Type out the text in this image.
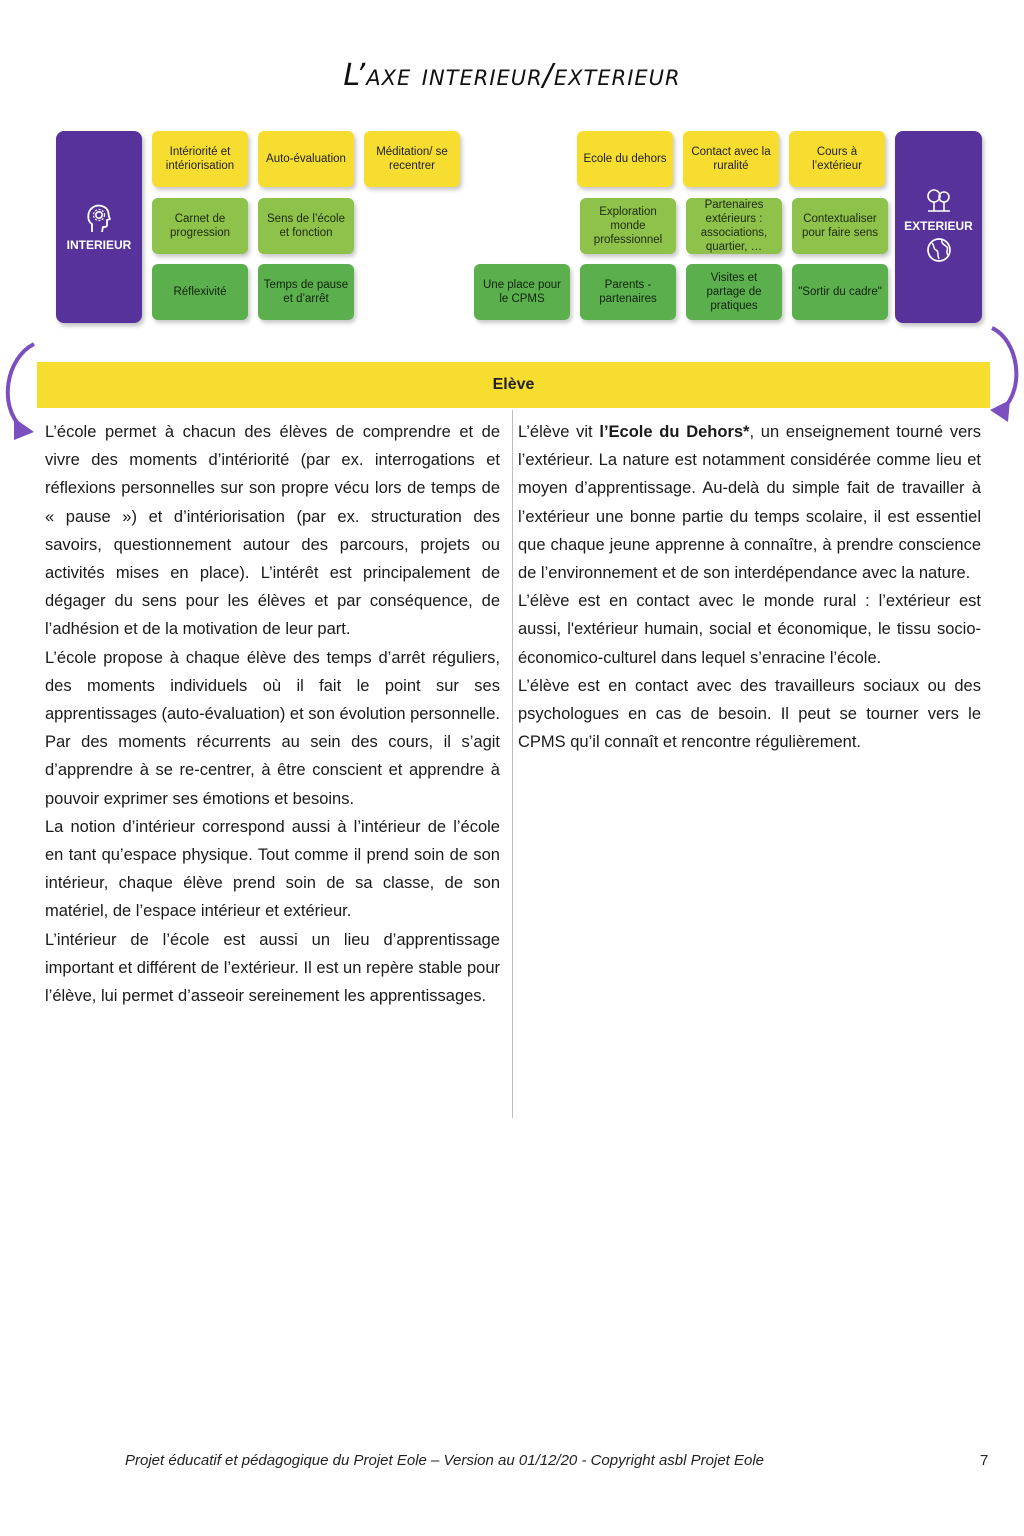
L’axe interieur/exterieur
INTERIEUR
Intériorité et intériorisation
Auto-évaluation
Méditation/ se recentrer
Carnet de progression
Sens de l’école et fonction
Réflexivité
Temps de pause et d’arrêt
Ecole du dehors
Contact avec la ruralité
Cours à l’extérieur
Exploration monde professionnel
Partenaires extérieurs : associations, quartier, …
Contextualiser pour faire sens
Une place pour le CPMS
Parents - partenaires
Visites et partage de pratiques
"Sortir du cadre"
EXTERIEUR
Elève

L’école permet à chacun des élèves de comprendre et de vivre des moments d’intériorité (par ex. interrogations et réflexions personnelles sur son propre vécu lors de temps de « pause ») et d’intériorisation (par ex. structuration des savoirs, questionnement autour des parcours, projets ou activités mises en place). L’intérêt est principalement de dégager du sens pour les élèves et par conséquence, de l’adhésion et de la motivation de leur part.

L’école propose à chaque élève des temps d’arrêt réguliers, des moments individuels où il fait le point sur ses apprentissages (auto-évaluation) et son évolution personnelle. Par des moments récurrents au sein des cours, il s’agit d’apprendre à se re-centrer, à être conscient et apprendre à pouvoir exprimer ses émotions et besoins.

La notion d’intérieur correspond aussi à l’intérieur de l’école en tant qu’espace physique. Tout comme il prend soin de son intérieur, chaque élève prend soin de sa classe, de son matériel, de l’espace intérieur et extérieur.

L’intérieur de l’école est aussi un lieu d’apprentissage important et différent de l’extérieur. Il est un repère stable pour l’élève, lui permet d’asseoir sereinement les apprentissages.

L’élève vit l’Ecole du Dehors*, un enseignement tourné vers l’extérieur. La nature est notamment considérée comme lieu et moyen d’apprentissage. Au-delà du simple fait de travailler à l’extérieur une bonne partie du temps scolaire, il est essentiel que chaque jeune apprenne à connaître, à prendre conscience de l’environnement et de son interdépendance avec la nature.

L’élève est en contact avec le monde rural : l’extérieur est aussi, l'extérieur humain, social et économique, le tissu socio-économico-culturel dans lequel s’enracine l’école.

L’élève est en contact avec des travailleurs sociaux ou des psychologues en cas de besoin. Il peut se tourner vers le CPMS qu’il connaît et rencontre régulièrement.

Projet éducatif et pédagogique du Projet Eole – Version au 01/12/20 - Copyright asbl Projet Eole	7
